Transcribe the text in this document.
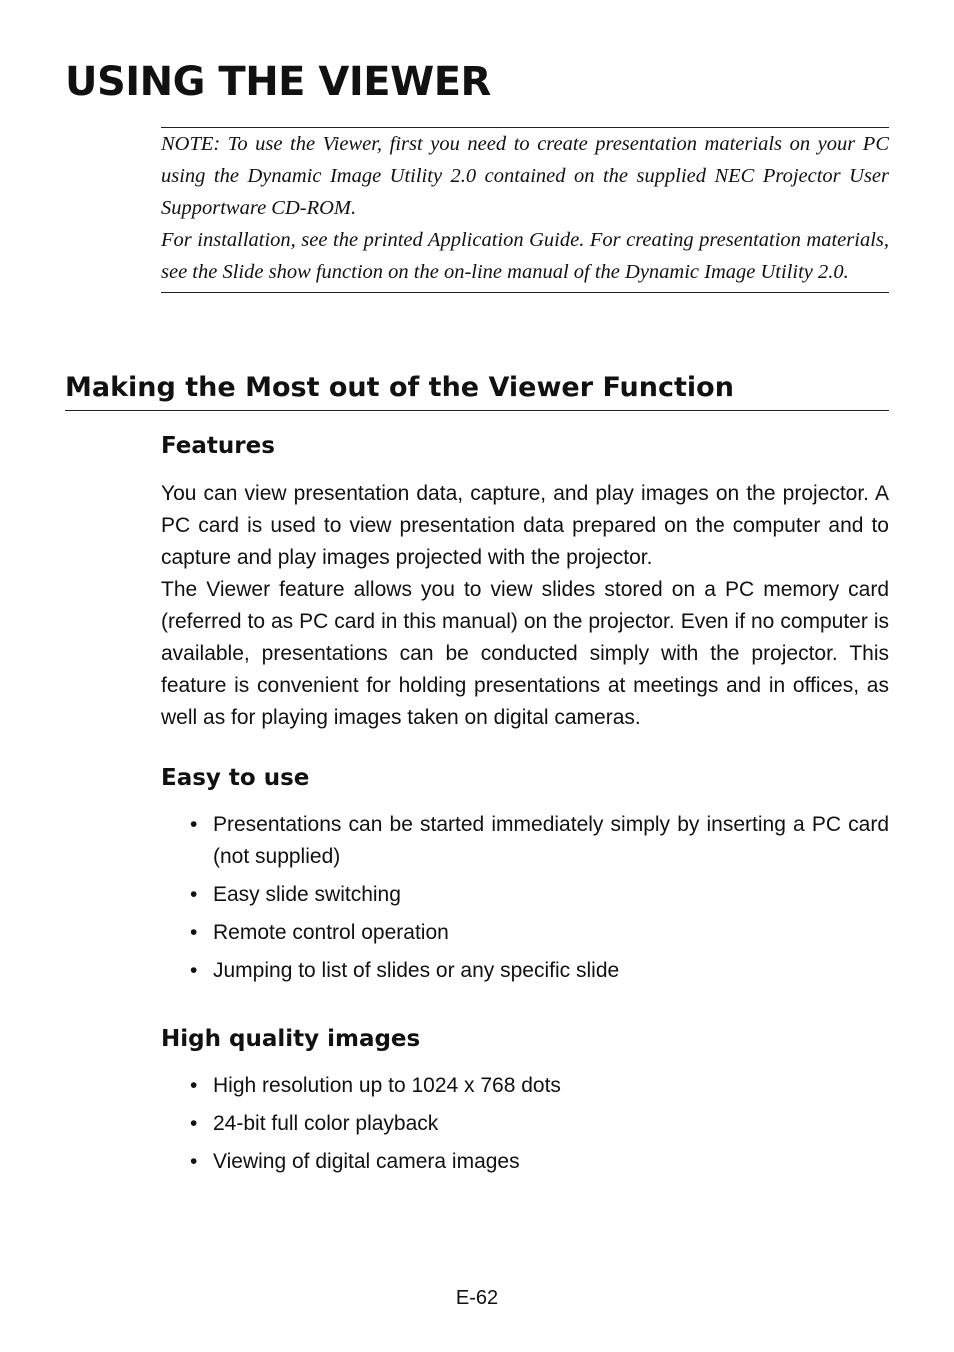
USING THE VIEWER

NOTE: To use the Viewer, first you need to create presentation materials on your PC using the Dynamic Image Utility 2.0 contained on the supplied NEC Projector User Supportware CD-ROM.

For installation, see the printed Application Guide. For creating presentation materials, see the Slide show function on the on-line manual of the Dynamic Image Utility 2.0.

Making the Most out of the Viewer Function
Features

You can view presentation data, capture, and play images on the projector. A PC card is used to view presentation data prepared on the computer and to capture and play images projected with the projector.

The Viewer feature allows you to view slides stored on a PC memory card (referred to as PC card in this manual) on the projector. Even if no computer is available, presentations can be conducted simply with the projector. This feature is convenient for holding presentations at meetings and in offices, as well as for playing images taken on digital cameras.

Easy to use
• Presentations can be started immediately simply by inserting a PC card (not supplied)
• Easy slide switching
• Remote control operation
• Jumping to list of slides or any specific slide
High quality images
• High resolution up to 1024 x 768 dots
• 24-bit full color playback
• Viewing of digital camera images
E-62
